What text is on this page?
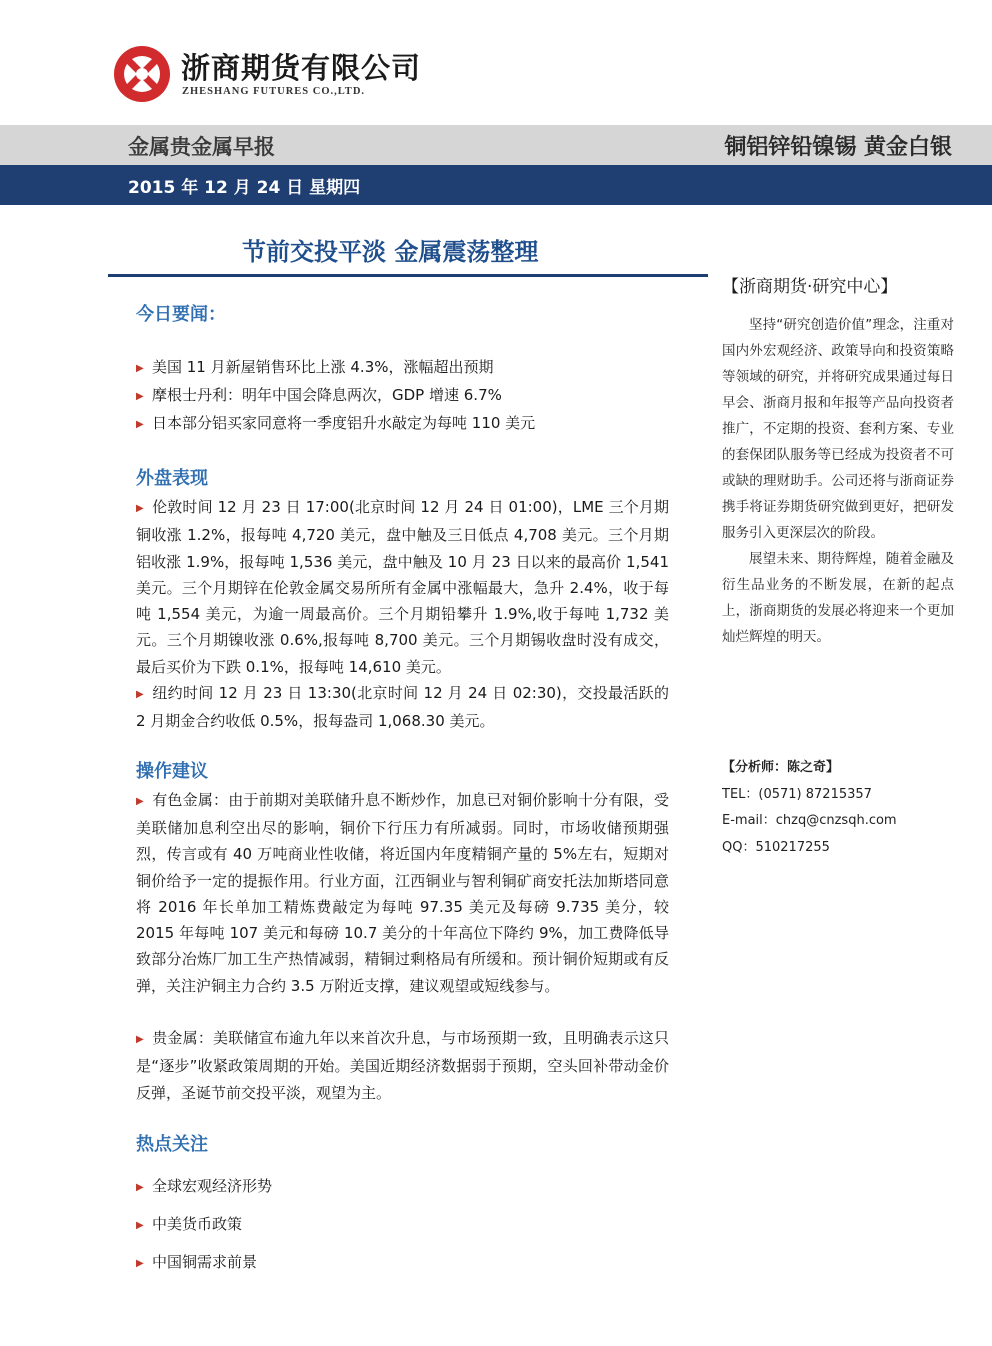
浙商期货有限公司
ZHESHANG FUTURES CO.,LTD.
金属贵金属早报	铜铝锌铅镍锡 黄金白银
2015 年 12 月 24 日 星期四
节前交投平淡 金属震荡整理
今日要闻：
▶ 美国 11 月新屋销售环比上涨 4.3%，涨幅超出预期
▶ 摩根士丹利：明年中国会降息两次，GDP 增速 6.7%
▶ 日本部分铝买家同意将一季度铝升水敲定为每吨 110 美元
外盘表现
▶ 伦敦时间 12 月 23 日 17:00(北京时间 12 月 24 日 01:00)，LME 三个月期铜收涨 1.2%，报每吨 4,720 美元，盘中触及三日低点 4,708 美元。三个月期铝收涨 1.9%，报每吨 1,536 美元，盘中触及 10 月 23 日以来的最高价 1,541 美元。三个月期锌在伦敦金属交易所所有金属中涨幅最大，急升 2.4%，收于每吨 1,554 美元，为逾一周最高价。三个月期铅攀升 1.9%,收于每吨 1,732 美元。三个月期镍收涨 0.6%,报每吨 8,700 美元。三个月期锡收盘时没有成交，最后买价为下跌 0.1%，报每吨 14,610 美元。
▶ 纽约时间 12 月 23 日 13:30(北京时间 12 月 24 日 02:30)，交投最活跃的 2 月期金合约收低 0.5%，报每盎司 1,068.30 美元。
操作建议
▶ 有色金属：由于前期对美联储升息不断炒作，加息已对铜价影响十分有限，受美联储加息利空出尽的影响，铜价下行压力有所减弱。同时，市场收储预期强烈，传言或有 40 万吨商业性收储，将近国内年度精铜产量的 5%左右，短期对铜价给予一定的提振作用。行业方面，江西铜业与智利铜矿商安托法加斯塔同意将 2016 年长单加工精炼费敲定为每吨 97.35 美元及每磅 9.735 美分，较 2015 年每吨 107 美元和每磅 10.7 美分的十年高位下降约 9%，加工费降低导致部分冶炼厂加工生产热情减弱，精铜过剩格局有所缓和。预计铜价短期或有反弹，关注沪铜主力合约 3.5 万附近支撑，建议观望或短线参与。
▶ 贵金属：美联储宣布逾九年以来首次升息，与市场预期一致，且明确表示这只是“逐步”收紧政策周期的开始。美国近期经济数据弱于预期，空头回补带动金价反弹，圣诞节前交投平淡，观望为主。
热点关注
▶ 全球宏观经济形势
▶ 中美货币政策
▶ 中国铜需求前景
【浙商期货·研究中心】

坚持“研究创造价值”理念，注重对国内外宏观经济、政策导向和投资策略等领域的研究，并将研究成果通过每日早会、浙商月报和年报等产品向投资者推广，不定期的投资、套利方案、专业的套保团队服务等已经成为投资者不可或缺的理财助手。公司还将与浙商证券携手将证券期货研究做到更好，把研发服务引入更深层次的阶段。

展望未来、期待辉煌，随着金融及衍生品业务的不断发展，在新的起点上，浙商期货的发展必将迎来一个更加灿烂辉煌的明天。

【分析师：陈之奇】
TEL：(0571) 87215357
E-mail：chzq@cnzsqh.com
QQ：510217255
